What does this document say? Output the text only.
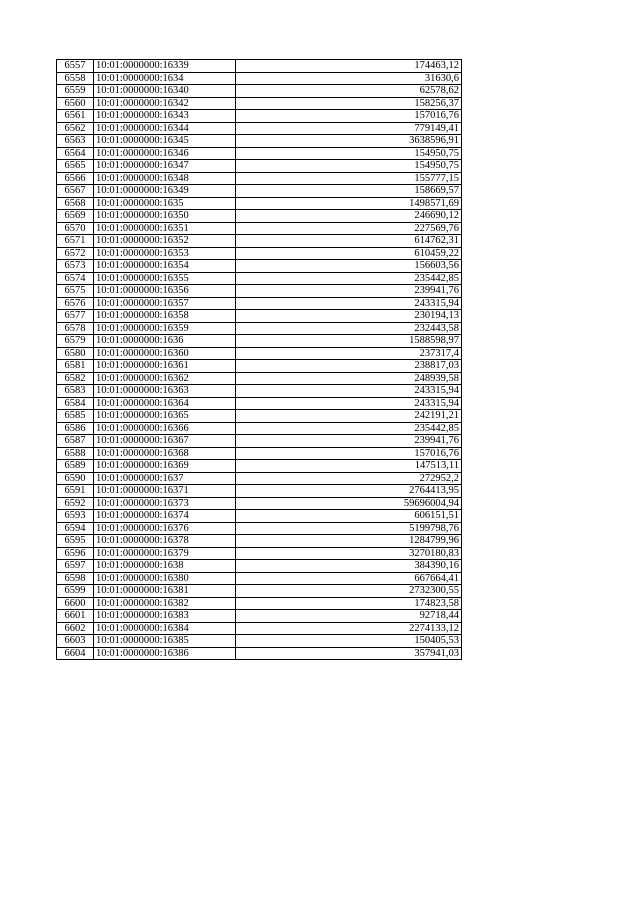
6557	10:01:0000000:16339	174463,12
6558	10:01:0000000:1634	31630,6
6559	10:01:0000000:16340	62578,62
6560	10:01:0000000:16342	158256,37
6561	10:01:0000000:16343	157016,76
6562	10:01:0000000:16344	779149,41
6563	10:01:0000000:16345	3638596,91
6564	10:01:0000000:16346	154950,75
6565	10:01:0000000:16347	154950,75
6566	10:01:0000000:16348	155777,15
6567	10:01:0000000:16349	158669,57
6568	10:01:0000000:1635	1498571,69
6569	10:01:0000000:16350	246690,12
6570	10:01:0000000:16351	227569,76
6571	10:01:0000000:16352	614762,31
6572	10:01:0000000:16353	610459,22
6573	10:01:0000000:16354	156603,56
6574	10:01:0000000:16355	235442,85
6575	10:01:0000000:16356	239941,76
6576	10:01:0000000:16357	243315,94
6577	10:01:0000000:16358	230194,13
6578	10:01:0000000:16359	232443,58
6579	10:01:0000000:1636	1588598,97
6580	10:01:0000000:16360	237317,4
6581	10:01:0000000:16361	238817,03
6582	10:01:0000000:16362	248939,58
6583	10:01:0000000:16363	243315,94
6584	10:01:0000000:16364	243315,94
6585	10:01:0000000:16365	242191,21
6586	10:01:0000000:16366	235442,85
6587	10:01:0000000:16367	239941,76
6588	10:01:0000000:16368	157016,76
6589	10:01:0000000:16369	147513,11
6590	10:01:0000000:1637	272952,2
6591	10:01:0000000:16371	2764413,95
6592	10:01:0000000:16373	59696004,94
6593	10:01:0000000:16374	606151,51
6594	10:01:0000000:16376	5199798,76
6595	10:01:0000000:16378	1284799,96
6596	10:01:0000000:16379	3270180,83
6597	10:01:0000000:1638	384390,16
6598	10:01:0000000:16380	667664,41
6599	10:01:0000000:16381	2732300,55
6600	10:01:0000000:16382	174823,58
6601	10:01:0000000:16383	92718,44
6602	10:01:0000000:16384	2274133,12
6603	10:01:0000000:16385	150405,53
6604	10:01:0000000:16386	357941,03
